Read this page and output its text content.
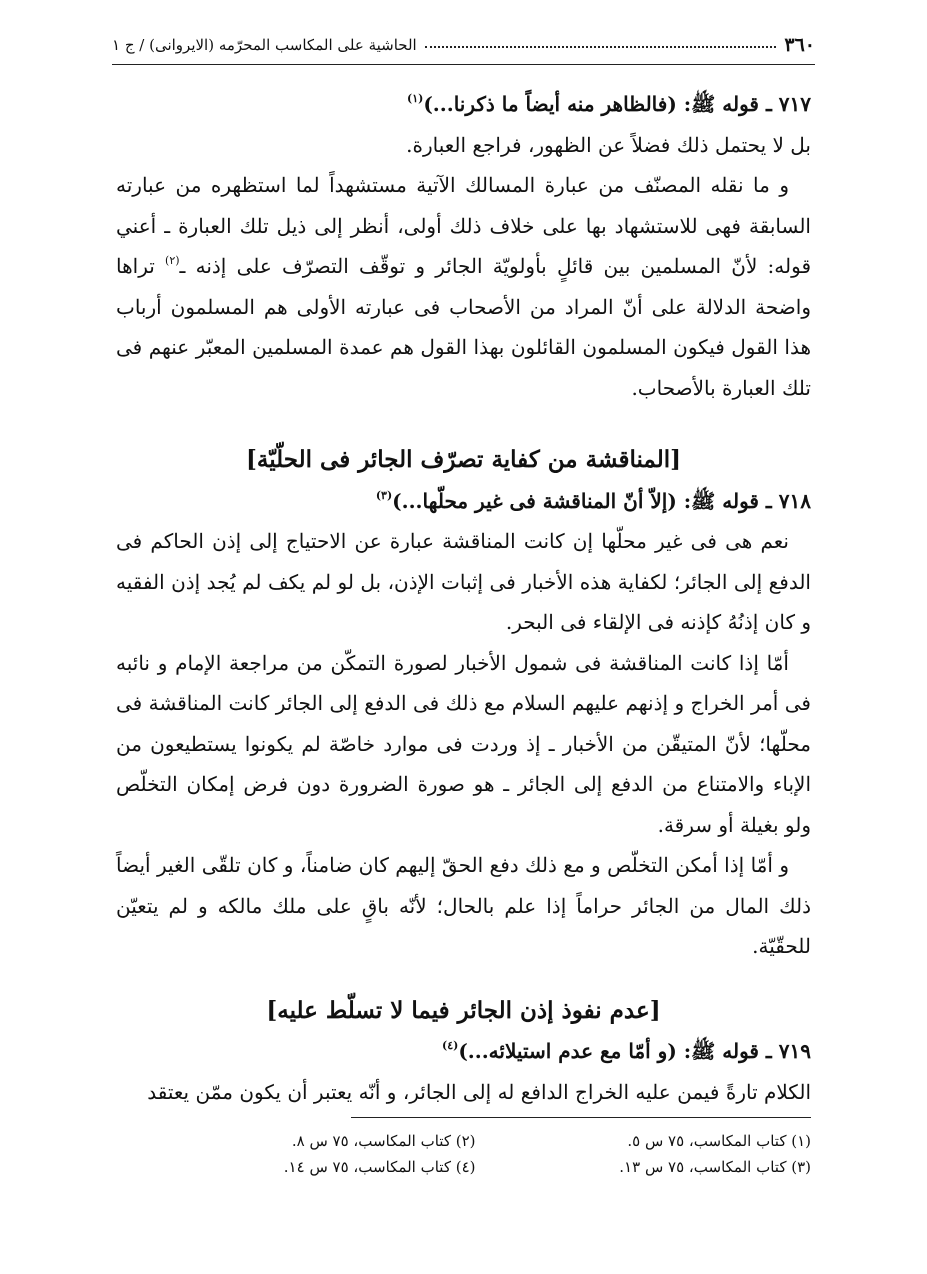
٣٦٠
الحاشية على المكاسب المحرّمه (الايروانى) / ج ١

٧١٧ ـ قوله ﷺ: (فالظاهر منه أيضاً ما ذكرنا...)$^{(١)}$

بل لا يحتمل ذلك فضلاً عن الظهور، فراجع العبارة.

و ما نقله المصنّف من عبارة المسالك الآتية مستشهداً لما استظهره من عبارته السابقة فهى للاستشهاد بها على خلاف ذلك أولى، أنظر إلى ذيل تلك العبارة ـ أعني قوله: لأنّ المسلمين بين قائلٍ بأولويّة الجائر و توقّف التصرّف على إذنه ـ$^{(٢)}$ تراها واضحة الدلالة على أنّ المراد من الأصحاب فى عبارته الأولى هم المسلمون أرباب هذا القول فيكون المسلمون القائلون بهذا القول هم عمدة المسلمين المعبّر عنهم فى تلك العبارة بالأصحاب.

[المناقشة من كفاية تصرّف الجائر فى الحلّيّة]

٧١٨ ـ قوله ﷺ: (إلاّ أنّ المناقشة فى غير محلّها...)$^{(٣)}$

نعم هى فى غير محلّها إن كانت المناقشة عبارة عن الاحتياج إلى إذن الحاكم فى الدفع إلى الجائر؛ لكفاية هذه الأخبار فى إثبات الإذن، بل لو لم يكف لم يُجد إذن الفقيه و كان إذنُهُ كإذنه فى الإلقاء فى البحر.

أمّا إذا كانت المناقشة فى شمول الأخبار لصورة التمكّن من مراجعة الإمام و نائبه فى أمر الخراج و إذنهم عليهم السلام مع ذلك فى الدفع إلى الجائر كانت المناقشة فى محلّها؛ لأنّ المتيقّن من الأخبار ـ إذ وردت فى موارد خاصّة لم يكونوا يستطيعون من الإباء والامتناع من الدفع إلى الجائر ـ هو صورة الضرورة دون فرض إمكان التخلّص ولو بغيلة أو سرقة.

و أمّا إذا أمكن التخلّص و مع ذلك دفع الحقّ إليهم كان ضامناً، و كان تلقّى الغير أيضاً ذلك المال من الجائر حراماً إذا علم بالحال؛ لأنّه باقٍ على ملك مالكه و لم يتعيّن للحقّيّة.

[عدم نفوذ إذن الجائر فيما لا تسلّط عليه]

٧١٩ ـ قوله ﷺ: (و أمّا مع عدم استيلائه...)$^{(٤)}$

الكلام تارةً فيمن عليه الخراج الدافع له إلى الجائر، و أنّه يعتبر أن يكون ممّن يعتقد

(١) كتاب المكاسب، ٧٥ س ٥.
(٢) كتاب المكاسب، ٧٥ س ٨.
(٣) كتاب المكاسب، ٧٥ س ١٣.
(٤) كتاب المكاسب، ٧٥ س ١٤.
